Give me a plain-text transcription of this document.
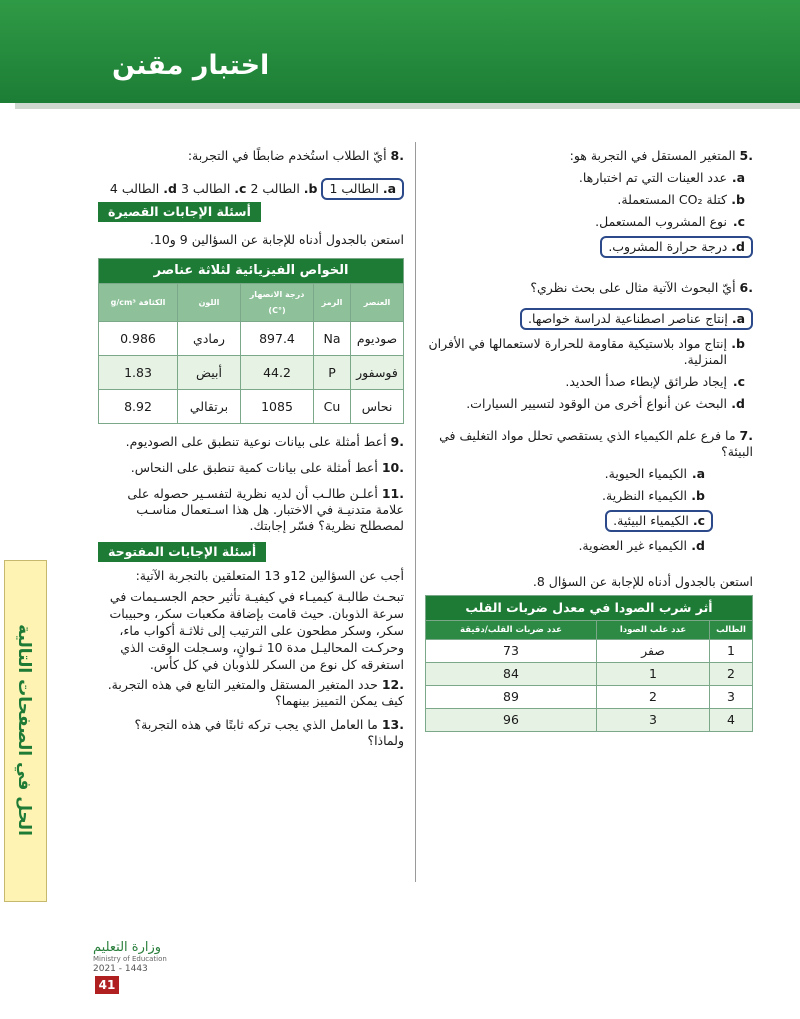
اختبار مقنن
.5 المتغير المستقل في التجربة هو:
a.
عدد العينات التي تم اختبارها.
b.
كتلة CO₂ المستعملة.
c.
نوع المشروب المستعمل.
d. درجة حرارة المشروب.
.6 أيّ البحوث الآتية مثال على بحث نظري؟
a. إنتاج عناصر اصطناعية لدراسة خواصها.
b.
إنتاج مواد بلاستيكية مقاومة للحرارة لاستعمالها في الأفران المنزلية.
c.
إيجاد طرائق لإبطاء صدأ الحديد.
d.
البحث عن أنواع أخرى من الوقود لتسيير السيارات.
.7 ما فرع علم الكيمياء الذي يستقصي تحلل مواد التغليف في البيئة؟
a.
الكيمياء الحيوية.
b.
الكيمياء النظرية.
c. الكيمياء البيئية.
d.
الكيمياء غير العضوية.
استعن بالجدول أدناه للإجابة عن السؤال 8.
أثر شرب الصودا في معدل ضربات القلب		
الطالب	عدد علب الصودا	عدد ضربات القلب/دقيقة
1	صفر	73
2	1	84
3	2	89
4	3	96
.8 أيّ الطلاب استُخدم ضابطًا في التجربة:
a. الطالب 1 b. الطالب 2 c. الطالب 3 d. الطالب 4
أسئلة الإجابات القصيرة
استعن بالجدول أدناه للإجابة عن السؤالين 9 و10.
الخواص الفيزيائية لثلاثة عناصر				
العنصر	الرمز	درجة الانصهار (°C)	اللون	الكثافة g/cm³
صوديوم	Na	897.4	رمادي	0.986
فوسفور	P	44.2	أبيض	1.83
نحاس	Cu	1085	برتقالي	8.92
.9 أعط أمثلة على بيانات نوعية تنطبق على الصوديوم.
.10 أعط أمثلة على بيانات كمية تنطبق على النحاس.
.11 أعلـن طالـب أن لديه نظرية لتفسـير حصوله على علامة متدنيـة في الاختبار. هل هذا اسـتعمال مناسـب لمصطلح نظرية؟ فسّر إجابتك.
أسئلة الإجابات المفتوحة
أجب عن السؤالين 12و 13 المتعلقين بالتجربة الآتية:
تبحـث طالبـة كيميـاء في كيفيـة تأثير حجم الجسـيمات في سرعة الذوبان. حيث قامت بإضافة مكعبات سكر، وحبيبات سكر، وسكر مطحون على الترتيب إلى ثلاثـة أكواب ماء، وحركـت المحاليـل مدة 10 ثـوانٍ، وسـجلت الوقت الذي استغرقه كل نوع من السكر للذوبان في كل كأس.
.12 حدد المتغير المستقل والمتغير التابع في هذه التجربة. كيف يمكن التمييز بينهما؟
.13 ما العامل الذي يجب تركه ثابتًا في هذه التجربة؟ ولماذا؟
الحل في الصفحات التالية
وزارة التعليم
Ministry of Education
2021 - 1443
41
